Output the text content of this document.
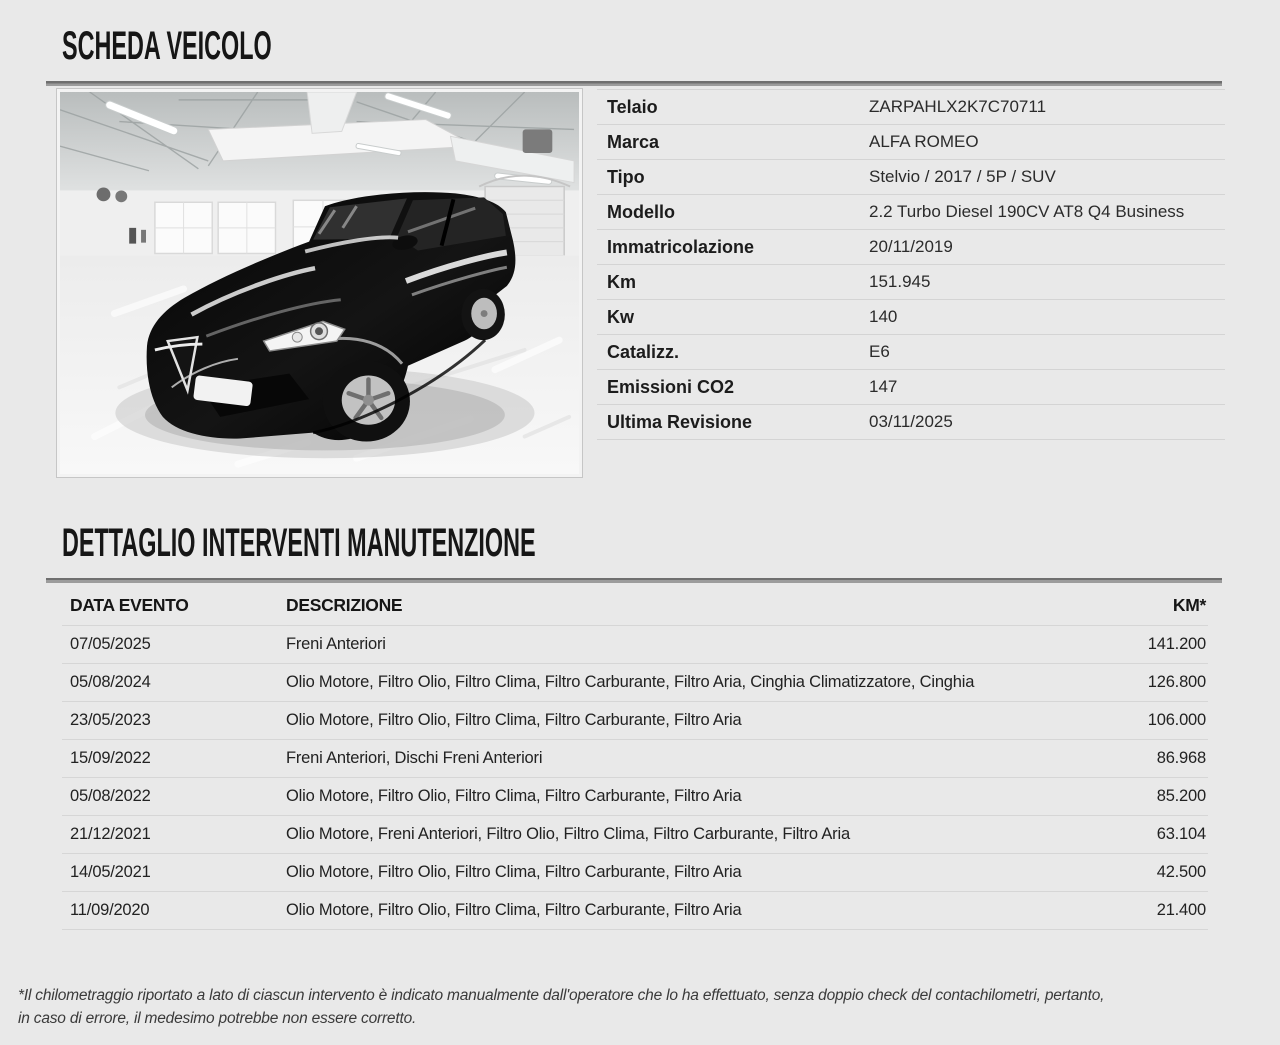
SCHEDA VEICOLO
Telaio	ZARPAHLX2K7C70711

Marca	ALFA ROMEO

Tipo	Stelvio / 2017 / 5P / SUV

Modello	2.2 Turbo Diesel 190CV AT8 Q4 Business

Immatricolazione	20/11/2019

Km	151.945

Kw	140

Catalizz.	E6

Emissioni CO2	147

Ultima Revisione	03/11/2025
DETTAGLIO INTERVENTI MANUTENZIONE
DATA EVENTO	DESCRIZIONE	KM*
07/05/2025	Freni Anteriori	141.200
05/08/2024	Olio Motore, Filtro Olio, Filtro Clima, Filtro Carburante, Filtro Aria, Cinghia Climatizzatore, Cinghia	126.800
23/05/2023	Olio Motore, Filtro Olio, Filtro Clima, Filtro Carburante, Filtro Aria	106.000
15/09/2022	Freni Anteriori, Dischi Freni Anteriori	86.968
05/08/2022	Olio Motore, Filtro Olio, Filtro Clima, Filtro Carburante, Filtro Aria	85.200
21/12/2021	Olio Motore, Freni Anteriori, Filtro Olio, Filtro Clima, Filtro Carburante, Filtro Aria	63.104
14/05/2021	Olio Motore, Filtro Olio, Filtro Clima, Filtro Carburante, Filtro Aria	42.500
11/09/2020	Olio Motore, Filtro Olio, Filtro Clima, Filtro Carburante, Filtro Aria	21.400
*Il chilometraggio riportato a lato di ciascun intervento è indicato manualmente dall'operatore che lo ha effettuato, senza doppio check del contachilometri, pertanto,
in caso di errore, il medesimo potrebbe non essere corretto.
